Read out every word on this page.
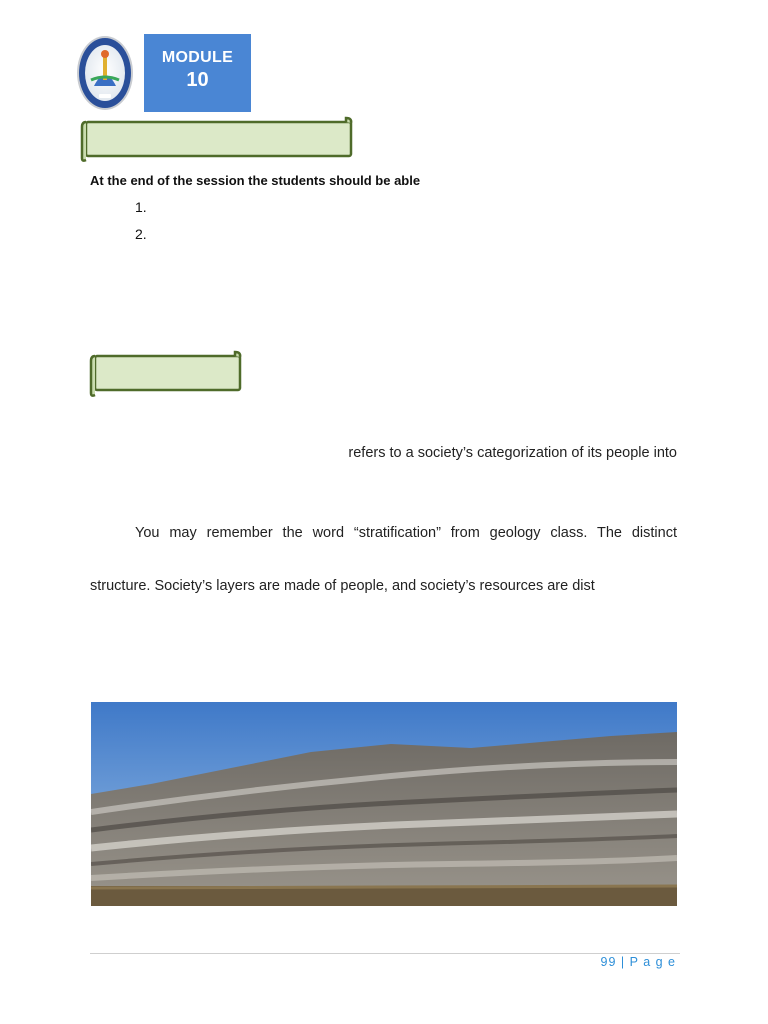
MODULE
10
At the end of the session the students should be able
1.
2.
refers to a society’s categorization of its people into
You may remember the word “stratification” from geology class. The distinct
structure. Society’s layers are made of people, and society’s resources are dist
99 | P a g e
